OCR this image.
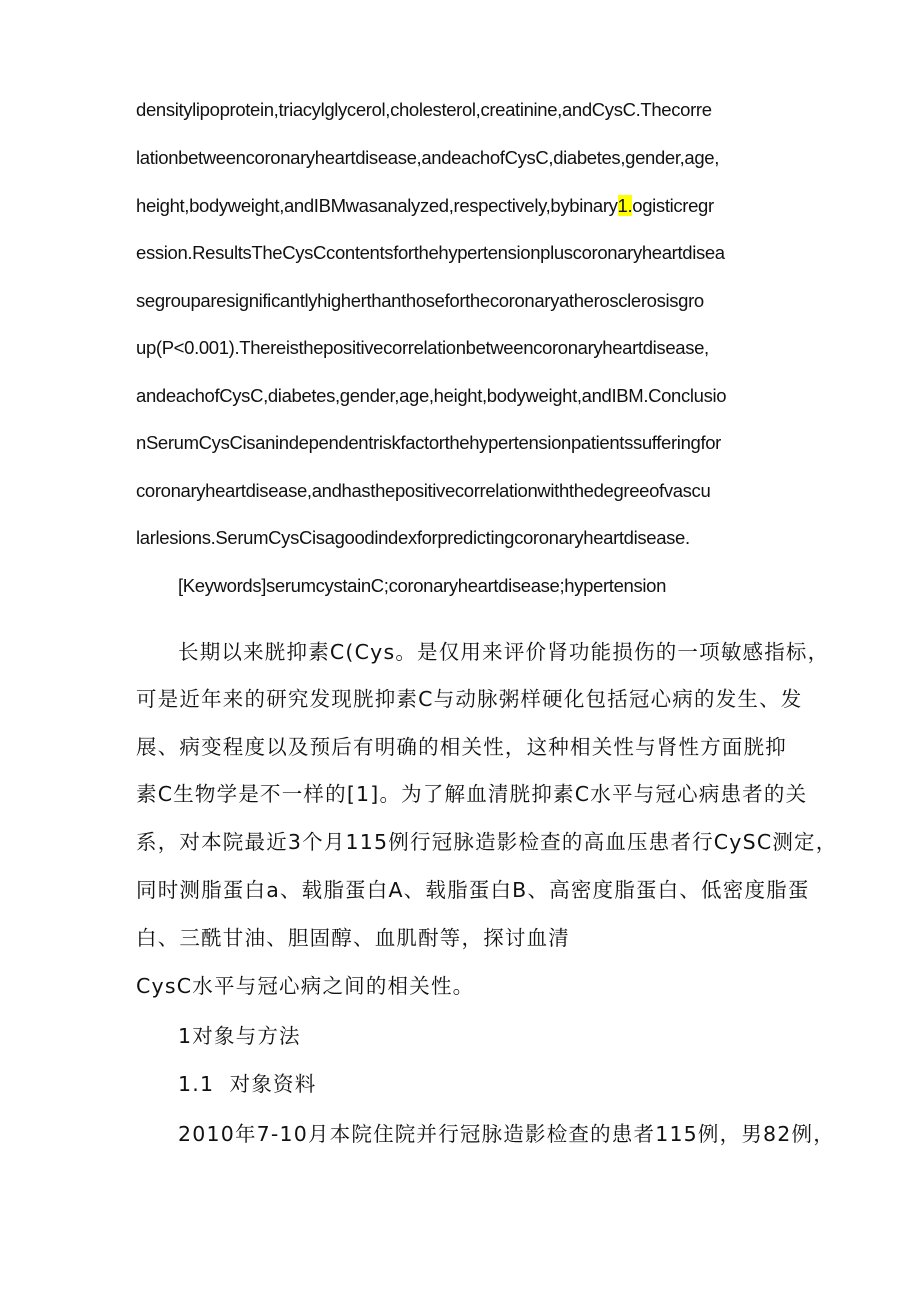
densitylipoprotein,triacylglycerol,cholesterol,creatinine,andCysC.Thecorre
lationbetweencoronaryheartdisease,andeachofCysC,diabetes,gender,age,
height,bodyweight,andIBMwasanalyzed,respectively,bybinary1.ogisticregr
ession.ResultsTheCysCcontentsforthehypertensionpluscoronaryheartdisea
segrouparesignificantlyhigherthanthoseforthecoronaryatherosclerosisgro
up(P<0.001).Thereisthepositivecorrelationbetweencoronaryheartdisease,
andeachofCysC,diabetes,gender,age,height,bodyweight,andIBM.Conclusio
nSerumCysCisanindependentriskfactorthehypertensionpatientssufferingfor
coronaryheartdisease,andhasthepositivecorrelationwiththedegreeofvascu
larlesions.SerumCysCisagoodindexforpredictingcoronaryheartdisease.
[Keywords]serumcystainC;coronaryheartdisease;hypertension
长期以来胱抑素C(Cys。是仅用来评价肾功能损伤的一项敏感指标，
可是近年来的研究发现胱抑素C与动脉粥样硬化包括冠心病的发生、发
展、病变程度以及预后有明确的相关性，这种相关性与肾性方面胱抑
素C生物学是不一样的[1]。为了解血清胱抑素C水平与冠心病患者的关
系，对本院最近3个月115例行冠脉造影检查的高血压患者行CySC测定，
同时测脂蛋白a、载脂蛋白A、载脂蛋白B、高密度脂蛋白、低密度脂蛋
白、三酰甘油、胆固醇、血肌酎等，探讨血清
CysC水平与冠心病之间的相关性。
1对象与方法
1.1  对象资料
2010年7-10月本院住院并行冠脉造影检查的患者115例，男82例，
